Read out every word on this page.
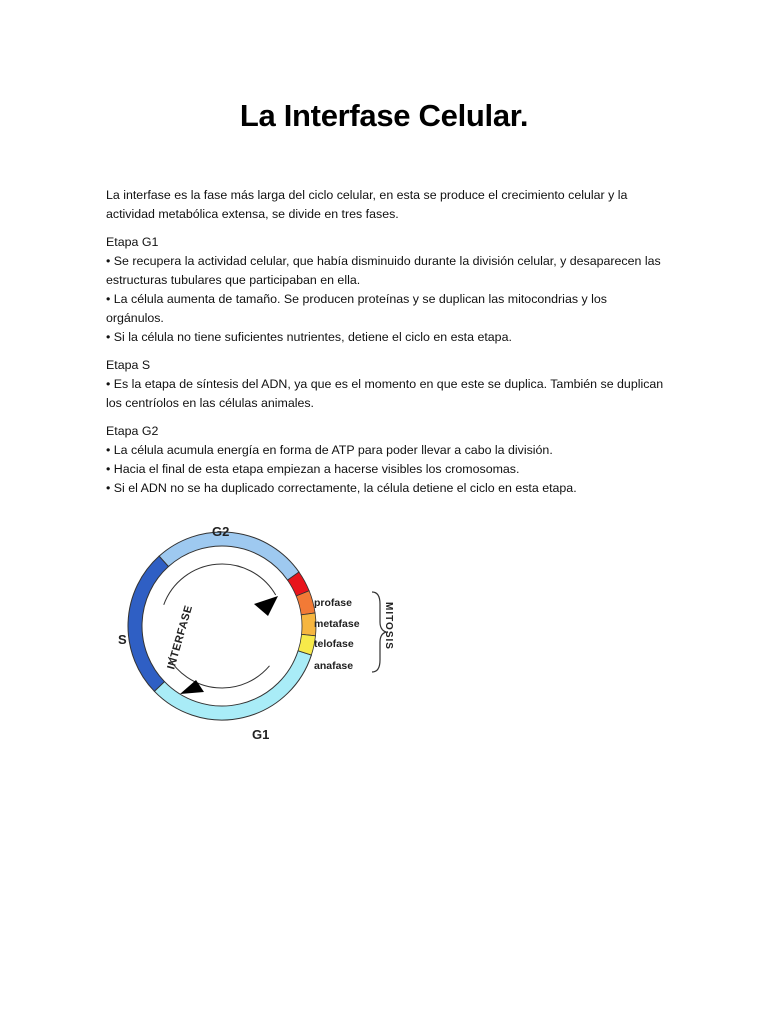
La Interfase Celular.

La interfase es la fase más larga del ciclo celular, en esta se produce el crecimiento celular y la actividad metabólica extensa, se divide en tres fases.

Etapa G1
• Se recupera la actividad celular, que había disminuido durante la división celular, y desaparecen las estructuras tubulares que participaban en ella.
• La célula aumenta de tamaño. Se producen proteínas y se duplican las mitocondrias y los orgánulos.
• Si la célula no tiene suficientes nutrientes, detiene el ciclo en esta etapa.
Etapa S
• Es la etapa de síntesis del ADN, ya que es el momento en que este se duplica. También se duplican los centríolos en las células animales.
Etapa G2
• La célula acumula energía en forma de ATP para poder llevar a cabo la división.
• Hacia el final de esta etapa empiezan a hacerse visibles los cromosomas.
• Si el ADN no se ha duplicado correctamente, la célula detiene el ciclo en esta etapa.
G2
G1
S	INTERFASE
profase
metafase
telofase
anafase
MITOSIS
